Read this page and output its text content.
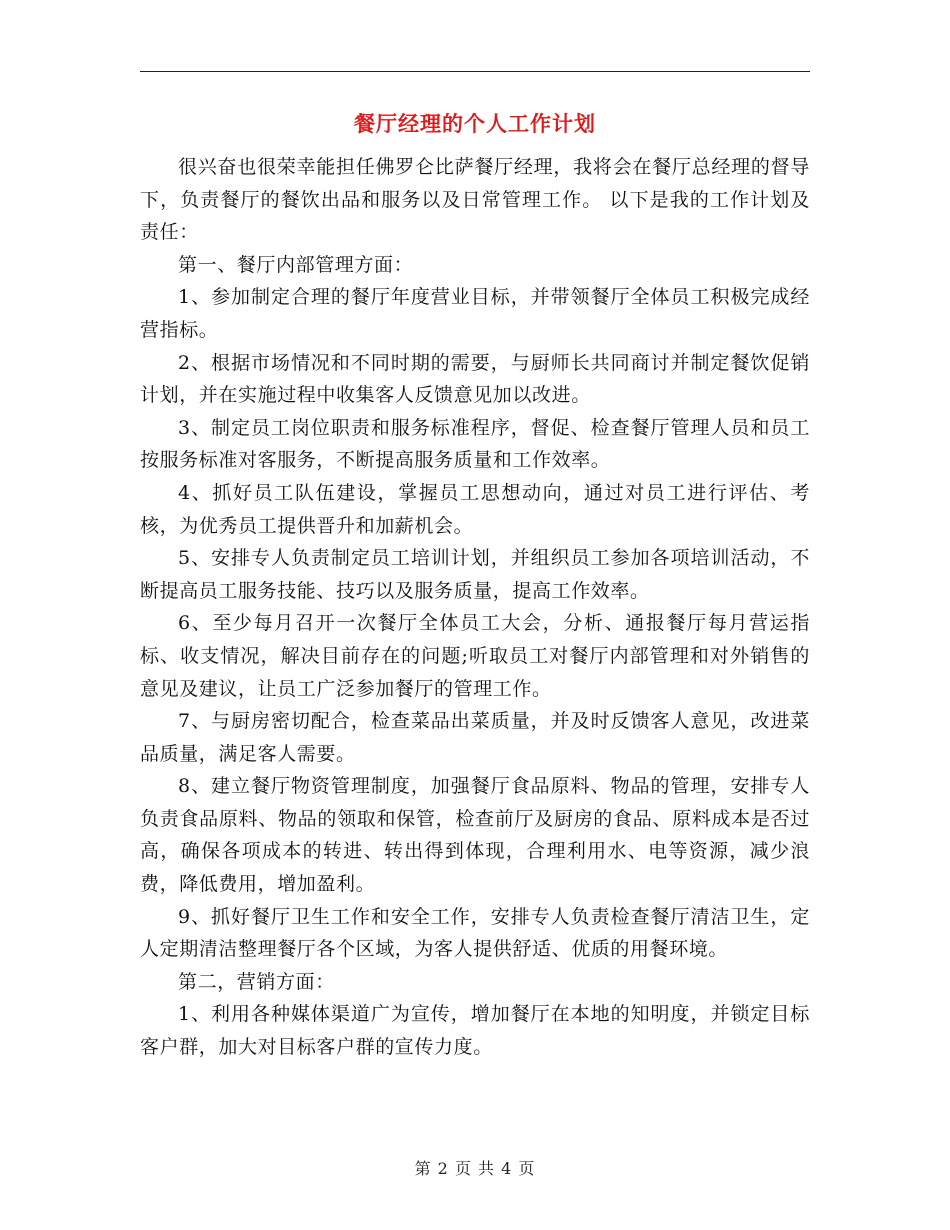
餐厅经理的个人工作计划

很兴奋也很荣幸能担任佛罗仑比萨餐厅经理，我将会在餐厅总经理的督导下，负责餐厅的餐饮出品和服务以及日常管理工作。 以下是我的工作计划及责任：

第一、餐厅内部管理方面：

1、参加制定合理的餐厅年度营业目标，并带领餐厅全体员工积极完成经营指标。

2、根据市场情况和不同时期的需要，与厨师长共同商讨并制定餐饮促销计划，并在实施过程中收集客人反馈意见加以改进。

3、制定员工岗位职责和服务标准程序，督促、检查餐厅管理人员和员工按服务标准对客服务，不断提高服务质量和工作效率。

4、抓好员工队伍建设，掌握员工思想动向，通过对员工进行评估、考核，为优秀员工提供晋升和加薪机会。

5、安排专人负责制定员工培训计划，并组织员工参加各项培训活动，不断提高员工服务技能、技巧以及服务质量，提高工作效率。

6、至少每月召开一次餐厅全体员工大会，分析、通报餐厅每月营运指标、收支情况，解决目前存在的问题;听取员工对餐厅内部管理和对外销售的意见及建议，让员工广泛参加餐厅的管理工作。

7、与厨房密切配合，检查菜品出菜质量，并及时反馈客人意见，改进菜品质量，满足客人需要。

8、建立餐厅物资管理制度，加强餐厅食品原料、物品的管理，安排专人负责食品原料、物品的领取和保管，检查前厅及厨房的食品、原料成本是否过高，确保各项成本的转进、转出得到体现，合理利用水、电等资源，减少浪费，降低费用，增加盈利。

9、抓好餐厅卫生工作和安全工作，安排专人负责检查餐厅清洁卫生，定人定期清洁整理餐厅各个区域，为客人提供舒适、优质的用餐环境。

第二，营销方面：

1、利用各种媒体渠道广为宣传，增加餐厅在本地的知明度，并锁定目标客户群，加大对目标客户群的宣传力度。

第 2 页 共 4 页
